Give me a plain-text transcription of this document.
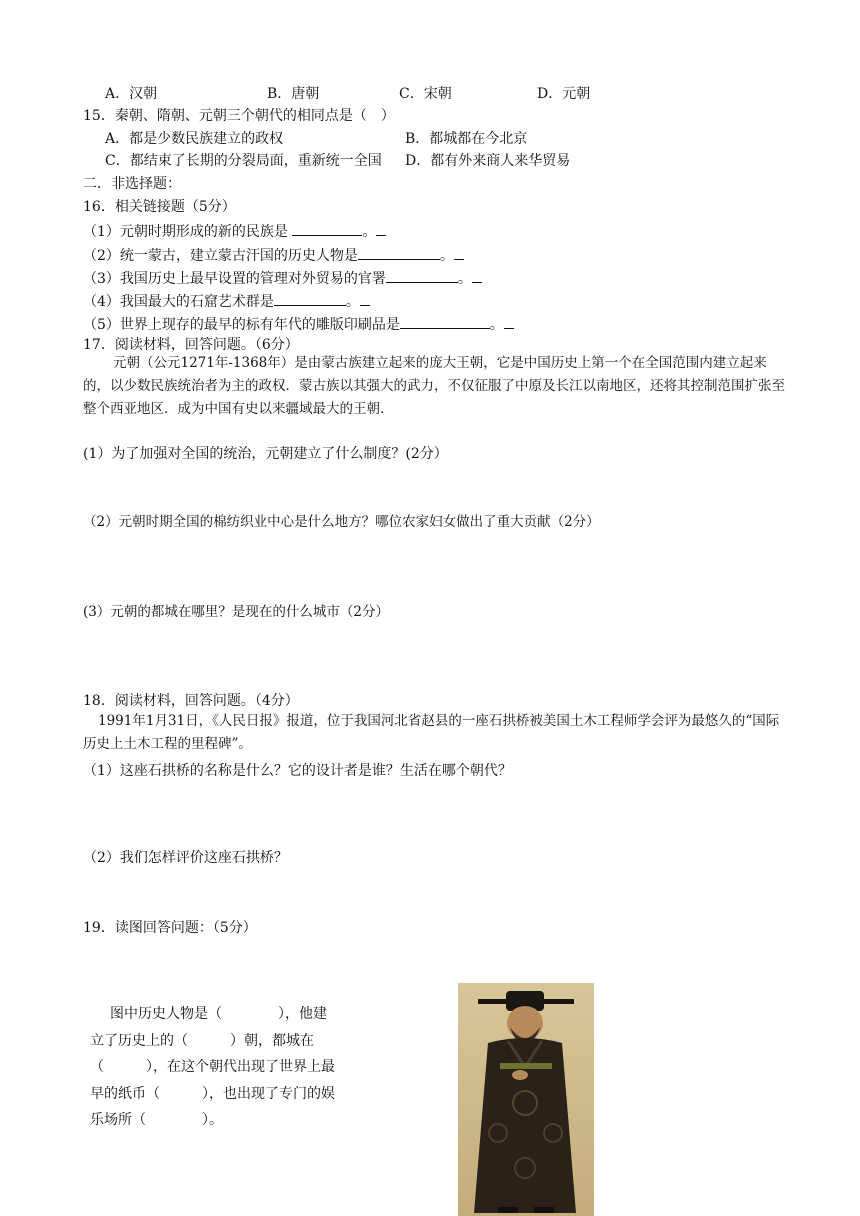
A．汉朝	B．唐朝	C．宋朝	D．元朝
15．秦朝、隋朝、元朝三个朝代的相同点是（　）
A．都是少数民族建立的政权	B．都城都在今北京
C．都结束了长期的分裂局面，重新统一全国 D．都有外来商人来华贸易
二．非选择题：
16．相关链接题（5分）
（1）元朝时期形成的新的民族是	。
（2）统一蒙古，建立蒙古汗国的历史人物是	。
（3）我国历史上最早设置的管理对外贸易的官署	。
（4）我国最大的石窟艺术群是	。
（5）世界上现存的最早的标有年代的雕版印刷品是	。
17．阅读材料，回答问题。（6分）
元朝（公元1271年-1368年）是由蒙古族建立起来的庞大王朝，它是中国历史上第一个在全国范围内建立起来的，以少数民族统治者为主的政权．蒙古族以其强大的武力，不仅征服了中原及长江以南地区，还将其控制范围扩张至整个西亚地区．成为中国有史以来疆域最大的王朝．
(1）为了加强对全国的统治，元朝建立了什么制度？(2分）
（2）元朝时期全国的棉纺织业中心是什么地方？哪位农家妇女做出了重大贡献（2分）
(3）元朝的都城在哪里？是现在的什么城市（2分）
18．阅读材料，回答问题。（4分）
1991年1月31日，《人民日报》报道，位于我国河北省赵县的一座石拱桥被美国土木工程师学会评为最悠久的“国际历史上土木工程的里程碑”。
（1）这座石拱桥的名称是什么？它的设计者是谁？生活在哪个朝代？
（2）我们怎样评价这座石拱桥？
19．读图回答问题：（5分）
图中历史人物是（　　　　），他建立了历史上的（　　　）朝，都城在（　　　），在这个朝代出现了世界上最早的纸币（　　　），也出现了专门的娱乐场所（　　　　）。
